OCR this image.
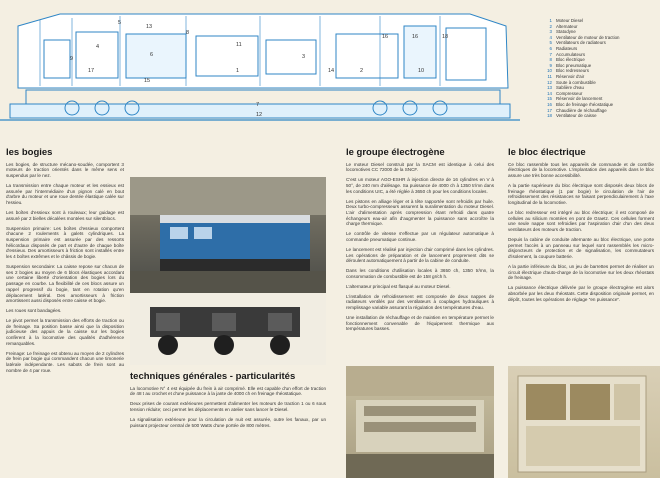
5
13
8
6
4
9
17
15
11
16	16	18
3
14	2	10
1
7
12
1 Moteur Diesel
2 Alternateur
3 Statodyne
4 Ventilateur de moteur de traction
5 Ventilateurs de radiateurs
6 Radiateurs
7 Accumulateurs
8 Bloc électrique
9 Bloc pneumatique
10 Bloc redresseurs
11 Réservoir d'air
12 Soute à combustible
13 Sablière d'eau
14 Compresseur
15 Réservoir de lancement
16 Bloc de freinage rhéostatique
17 Chaudière de réchauffage
18 Ventilateur de caisse
les bogies

Les bogies, de structure mécano-soudée, comportent 3 moteurs de traction orientés dans le même sens et suspendus par le nez.

La transmission entre chaque moteur et les essieux est assurée par l'intermédiaire d'un pignon calé en bout d'arbre du moteur et une roue dentée élastique calée sur l'essieu.

Les boîtes d'essieux sont à rouleaux; leur guidage est assuré par 2 bielles décalées montées sur silentblocs.

Suspension primaire: Les boîtes d'essieux comportent chacune 2 roulements à galets cylindriques. La suspension primaire est assurée par des ressorts hélicoïdaux disposés de part et d'autre de chaque boîte d'essieux. Des amortisseurs à friction sont installés entre les 4 boîtes extrêmes et le châssis de bogie.

Suspension secondaire: La caisse repose sur chacun de ses 2 bogies au moyen de 6 blocs élastiques accordant une certaine liberté d'orientation des bogies lors du passage en courbe. La flexibilité de ces blocs assure un rappel progressif du bogie, tant en rotation qu'en déplacement latéral. Des amortisseurs à friction amortissent aussi disposés entre caisse et bogie.

Les roues sont bandagées.

Le pivot permet la transmission des efforts de traction ou de freinage. Sa position basse ainsi que la disposition judicieuse des appuis de la caisse sur les bogies confèrent à la locomotive des qualités d'adhérence remarquables.

Freinage: Le freinage est obtenu au moyen de 2 cylindres de frein par bogie qui commandent chacun une timonerie latérale indépendante. Les sabots de frein sont au nombre de 4 par roue.

techniques générales - particularités

La locomotive N° 4 est équipée du frein à air comprimé. Elle est capable d'un effort de traction de 48 t au crochet et d'une puissance à la jante de 4000 ch en freinage rhéostatique.

Deux prises de courant extérieures permettent d'alimenter les moteurs de traction 1 ou 6 sous tension réduite; ceci permet les déplacements en atelier sans lancer le Diesel.

La signalisation extérieure pour la circulation de nuit est assurée, outre les fanaux, par un puissant projecteur central de 500 Watts d'une portée de 800 mètres.

le groupe électrogène

Le moteur Diesel construit par la SACM est identique à celui des locomotives CC 72000 de la SNCF.

C'est un moteur AGO-ESHR à injection directe de 16 cylindres en V à 50°, de 240 mm d'alésage. Sa puissance de 4000 ch à 1350 tr/mn dans les conditions UIC, a été réglée à 3650 ch pour les conditions locales.

Les pistons en alliage léger et à tête rapportée sont refroidis par huile. Deux turbo-compresseurs assurent la suralimentation du moteur Diesel. L'air d'alimentation après compression étant refroidi dans quatre échangeurs eau-air afin d'augmenter la puissance sans accroître la charge thermique.

Le contrôle de vitesse s'effectue par un régulateur automatique à commande pneumatique continue.

Le lancement est réalisé par injection d'air comprimé dans les cylindres. Les opérations de préparation et de lancement proprement dits se déroulent automatiquement à partir de la cabine de conduite.

Dans les conditions d'utilisation locales à 3650 ch, 1350 tr/mn, la consommation de combustible est de 158 gr/ch h.

L'alternateur principal est flasqué au moteur Diesel.

L'installation de refroidissement est composée de deux nappes de radiateurs ventilés par des ventilateurs à couplages hydrauliques à remplissage variable assurant la régulation des températures d'eau.

Une installation de réchauffage et de maintien en température permet le fonctionnement convenable de l'équipement thermique aux températures basses.

le bloc électrique

Ce bloc rassemble tous les appareils de commande et de contrôle électriques de la locomotive. L'implantation des appareils dans le bloc assure une très bonne accessibilité.

A la partie supérieure du bloc électrique sont disposés deux blocs de freinage rhéostatique (1 par bogie) le circulation de l'air de refroidissement des résistances se faisant perpendiculairement à l'axe longitudinal de la locomotive.

Le bloc redresseur est intégré au bloc électrique; il est composé de cellules au silicium montées en pont de Graetz. Ces cellules forment une seule nappe sont refroidies par l'aspiration d'air d'un des deux ventilateurs des moteurs de traction.

Depuis la cabine de conduite alternante au bloc électrique, une porte permet l'accès à un panneau sur lequel sont rassemblés les micro-disjoncteurs de protection et de signalisation, les commutateurs d'isolement, la coupure batterie.

A la partie inférieure du bloc, un jeu de barrettes permet de réaliser un circuit électrique d'auto-charge de la locomotive sur les deux rhéostats de freinage.

La puissance électrique délivrée par le groupe électrogène est alors absorbée par les deux rhéostats. Cette disposition originale permet, en dépôt, toutes les opérations de réglage "en puissance".
